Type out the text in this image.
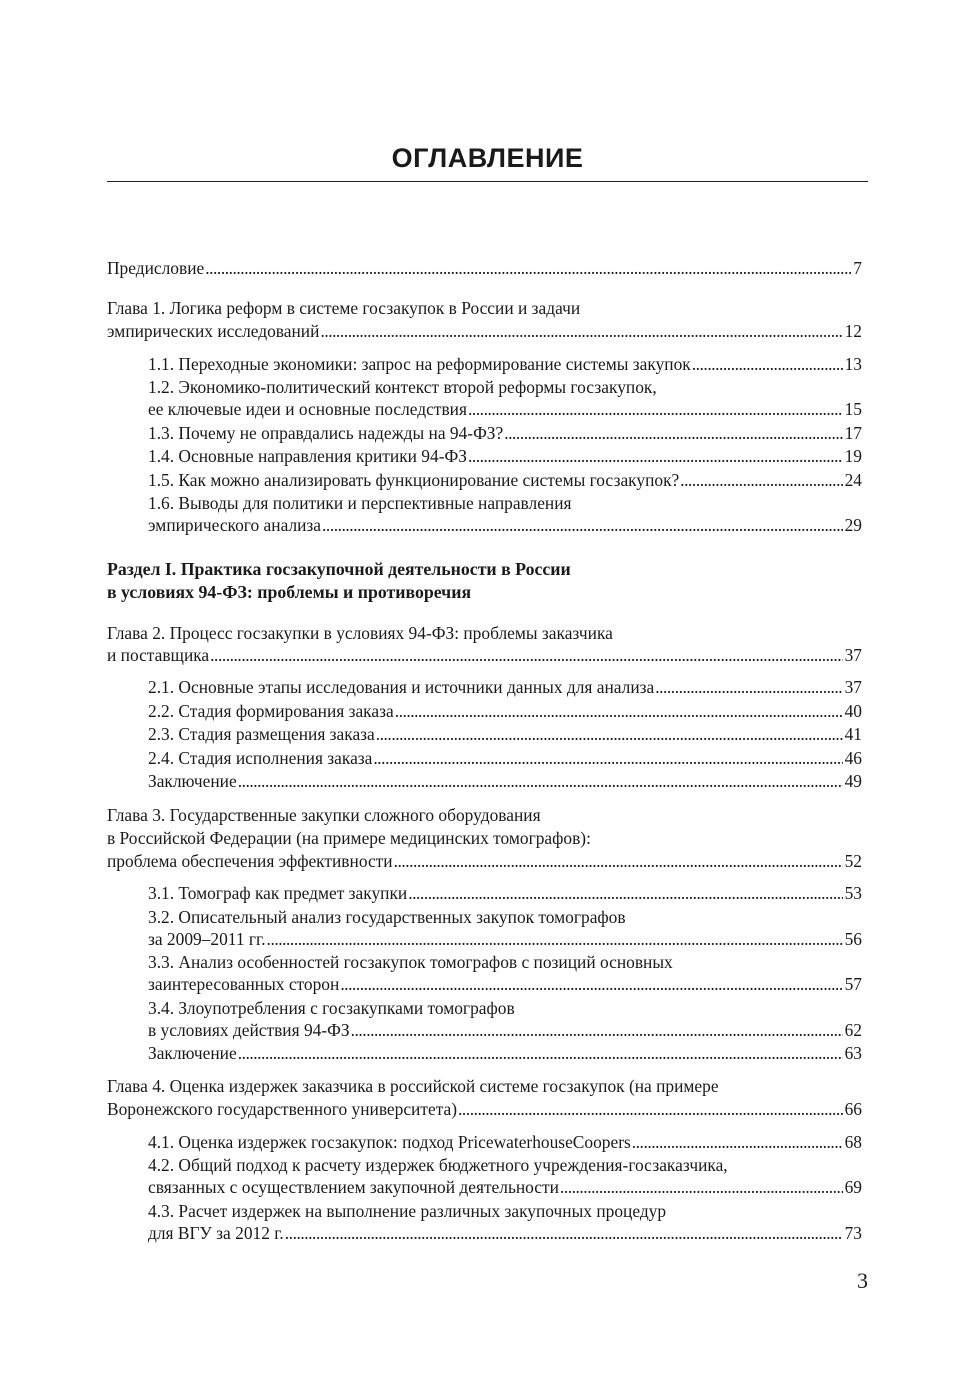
ОГЛАВЛЕНИЕ
Предисловие . . .	7
Глава 1. Логика реформ в системе госзакупок в России и задачи
эмпирических исследований . . .	12
1.1. Переходные экономики: запрос на реформирование системы закупок . . .	13
1.2. Экономико-политический контекст второй реформы госзакупок,
ее ключевые идеи и основные последствия . . .	15
1.3. Почему не оправдались надежды на 94-ФЗ? . . .	17
1.4. Основные направления критики 94-ФЗ . . .	19
1.5. Как можно анализировать функционирование системы госзакупок? . . .	24
1.6. Выводы для политики и перспективные направления
эмпирического анализа . . .	29
Раздел I. Практика госзакупочной деятельности в России
в условиях 94-ФЗ: проблемы и противоречия
Глава 2. Процесс госзакупки в условиях 94-ФЗ: проблемы заказчика
и поставщика . . .	37
2.1. Основные этапы исследования и источники данных для анализа . . .	37
2.2. Стадия формирования заказа . . .	40
2.3. Стадия размещения заказа . . .	41
2.4. Стадия исполнения заказа . . .	46
Заключение . . .	49
Глава 3. Государственные закупки сложного оборудования
в Российской Федерации (на примере медицинских томографов):
проблема обеспечения эффективности . . .	52
3.1. Томограф как предмет закупки . . .	53
3.2. Описательный анализ государственных закупок томографов
за 2009–2011 гг. . . .	56
3.3. Анализ особенностей госзакупок томографов с позиций основных
заинтересованных сторон . . .	57
3.4. Злоупотребления с госзакупками томографов
в условиях действия 94-ФЗ . . .	62
Заключение . . .	63
Глава 4. Оценка издержек заказчика в российской системе госзакупок (на примере
Воронежского государственного университета) . . .	66
4.1. Оценка издержек госзакупок: подход PricewaterhouseCoopers . . .	68
4.2. Общий подход к расчету издержек бюджетного учреждения-госзаказчика,
связанных с осуществлением закупочной деятельности . . .	69
4.3. Расчет издержек на выполнение различных закупочных процедур
для ВГУ за 2012 г. . . .	73
3
